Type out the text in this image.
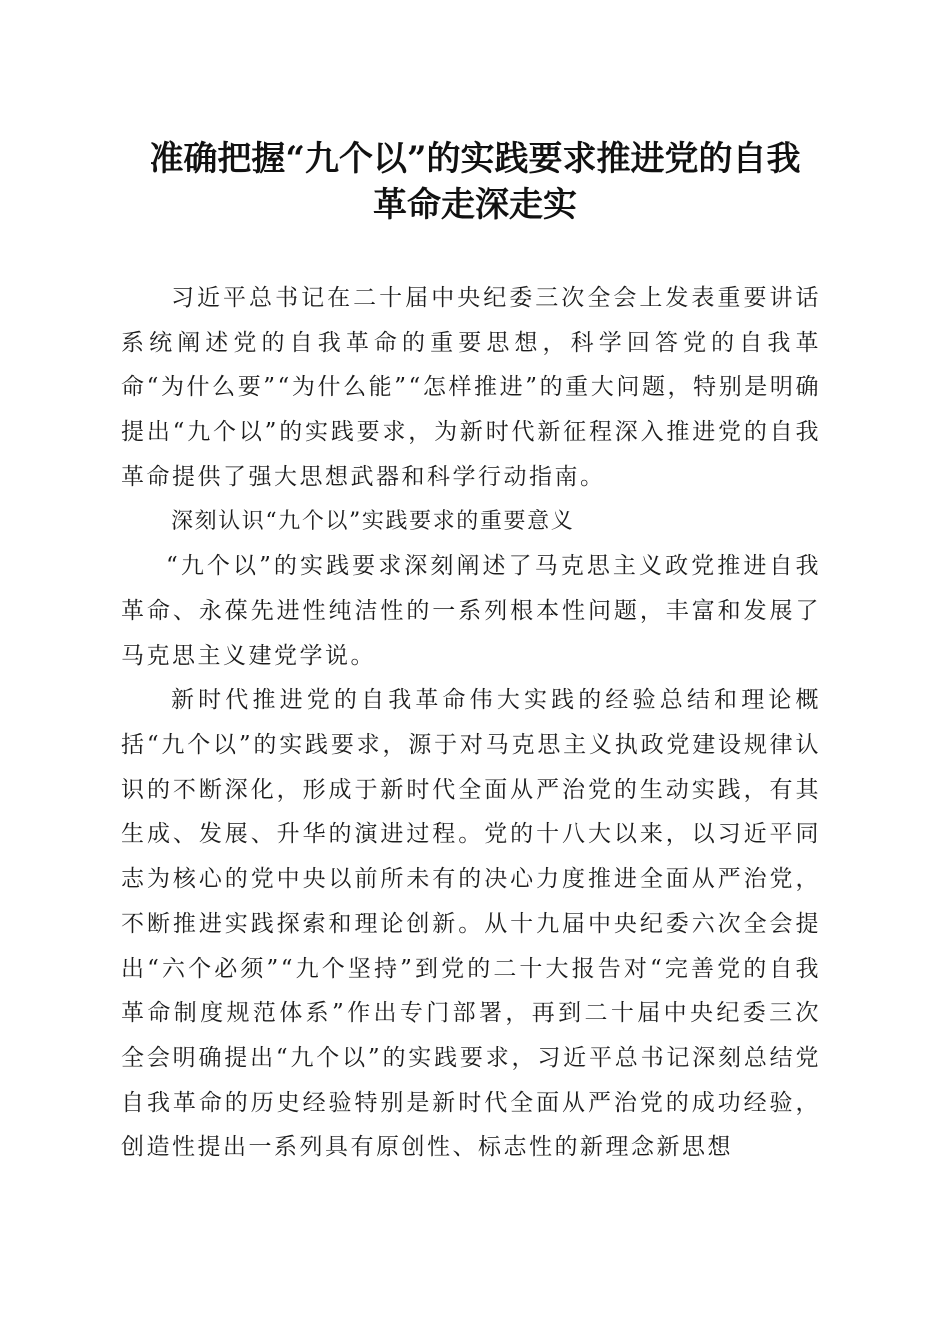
准确把握“九个以”的实践要求推进党的自我
革命走深走实

习近平总书记在二十届中央纪委三次全会上发表重要讲话系统阐述党的自我革命的重要思想，科学回答党的自我革命“为什么要”“为什么能”“怎样推进”的重大问题，特别是明确提出“九个以”的实践要求，为新时代新征程深入推进党的自我革命提供了强大思想武器和科学行动指南。

深刻认识“九个以”实践要求的重要意义

“九个以”的实践要求深刻阐述了马克思主义政党推进自我革命、永葆先进性纯洁性的一系列根本性问题，丰富和发展了马克思主义建党学说。

新时代推进党的自我革命伟大实践的经验总结和理论概括“九个以”的实践要求，源于对马克思主义执政党建设规律认识的不断深化，形成于新时代全面从严治党的生动实践，有其生成、发展、升华的演进过程。党的十八大以来，以习近平同志为核心的党中央以前所未有的决心力度推进全面从严治党，不断推进实践探索和理论创新。从十九届中央纪委六次全会提出“六个必须”“九个坚持”到党的二十大报告对“完善党的自我革命制度规范体系”作出专门部署，再到二十届中央纪委三次全会明确提出“九个以”的实践要求，习近平总书记深刻总结党自我革命的历史经验特别是新时代全面从严治党的成功经验，创造性提出一系列具有原创性、标志性的新理念新思想
